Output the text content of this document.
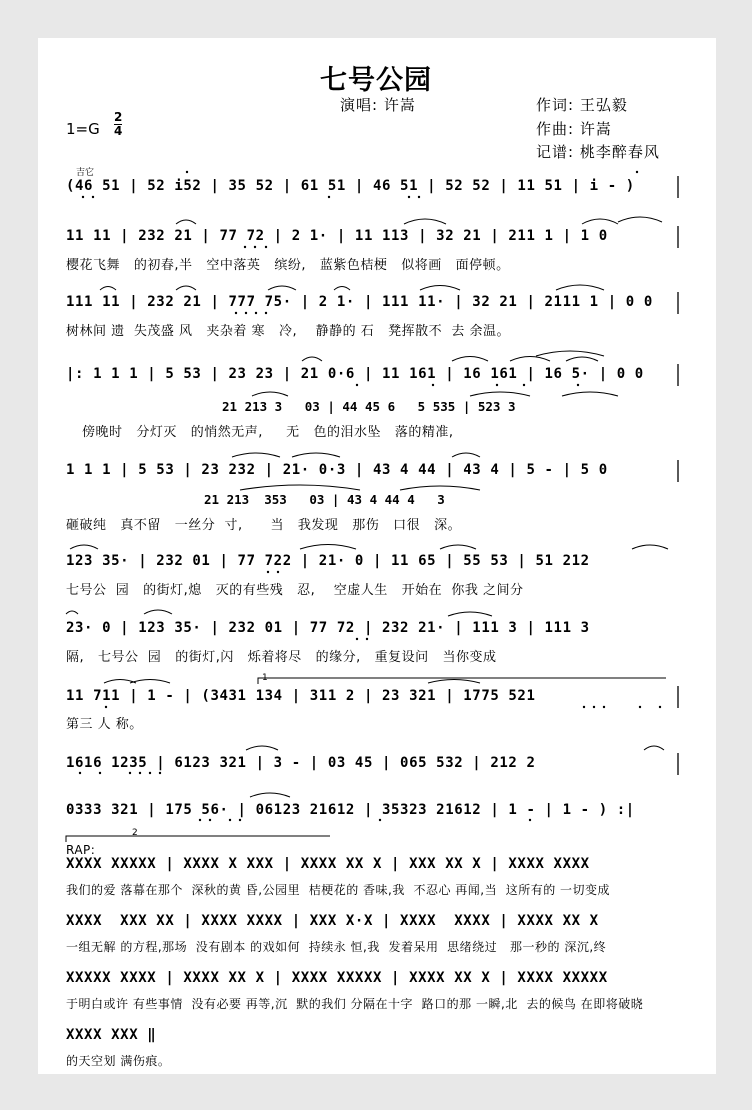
七号公园
演唱: 许嵩	作词: 王弘毅
作曲: 许嵩
记谱: 桃李醉春风
1=G
2
4
吉它
(46 51 | 52 i52 | 35 52 | 61 51 | 46 51 | 52 52 | 11 51 | i - )
11 11 | 232 21 | 77 72 | 2 1· | 11 113 | 32 21 | 211 1 | 1 0
樱花飞舞   的初春,半   空中落英   缤纷,   蓝紫色桔梗   似将画   面停顿。
111 11 | 232 21 | 777 75· | 2 1· | 111 11· | 32 21 | 2111 1 | 0 0
树林间 遗  失茂盛 风   夹杂着 寒   冷,    静静的 石   凳挥散不  去 余温。
|: 1 1 1 | 5 53 | 23 23 | 21 0·6 | 11 161 | 16 161 | 16 5· | 0 0
21 213 3   03 | 44 45 6   5 535 | 523 3
傍晚时   分灯灭   的悄然无声,     无   色的泪水坠   落的精准,
1 1 1 | 5 53 | 23 232 | 21· 0·3 | 43 4 44 | 43 4 | 5 - | 5 0
21 213  353   03 | 43 4 44 4   3
砸破纯   真不留   一丝分  寸,      当   我发现   那伤   口很   深。
123 35· | 232 01 | 77 722 | 21· 0 | 11 65 | 55 53 | 51 212
七号公  园   的街灯,熄   灭的有些残   忍,    空虚人生   开始在  你我 之间分
23· 0 | 123 35· | 232 01 | 77 72 | 232 21· | 111 3 | 111 3
隔,   七号公  园   的街灯,闪   烁着将尽   的缘分,   重复设问   当你变成
1
11 711 | 1 - | (3431 134 | 311 2 | 23 321 | 1775 521
第三 人 称。
1616 1235 | 6123 321 | 3 - | 03 45 | 065 532 | 212 2
0333 321 | 175 56· | 06123 21612 | 35323 21612 | 1 - | 1 - ) :|
2
RAP:
XXXX XXXXX | XXXX X XXX | XXXX XX X | XXX XX X | XXXX XXXX
我们的爱 落幕在那个  深秋的黄 昏,公园里  桔梗花的 香味,我  不忍心 再闻,当  这所有的 一切变成
XXXX  XXX XX | XXXX XXXX | XXX X·X | XXXX  XXXX | XXXX XX X
一组无解 的方程,那场  没有剧本 的戏如何  持续永 恒,我  发着呆用  思绪绕过   那一秒的 深沉,终
XXXXX XXXX | XXXX XX X | XXXX XXXXX | XXXX XX X | XXXX XXXXX
于明白或许 有些事情  没有必要 再等,沉  默的我们 分隔在十字  路口的那 一瞬,北  去的候鸟 在即将破晓
XXXX XXX ‖
的天空划 满伤痕。
